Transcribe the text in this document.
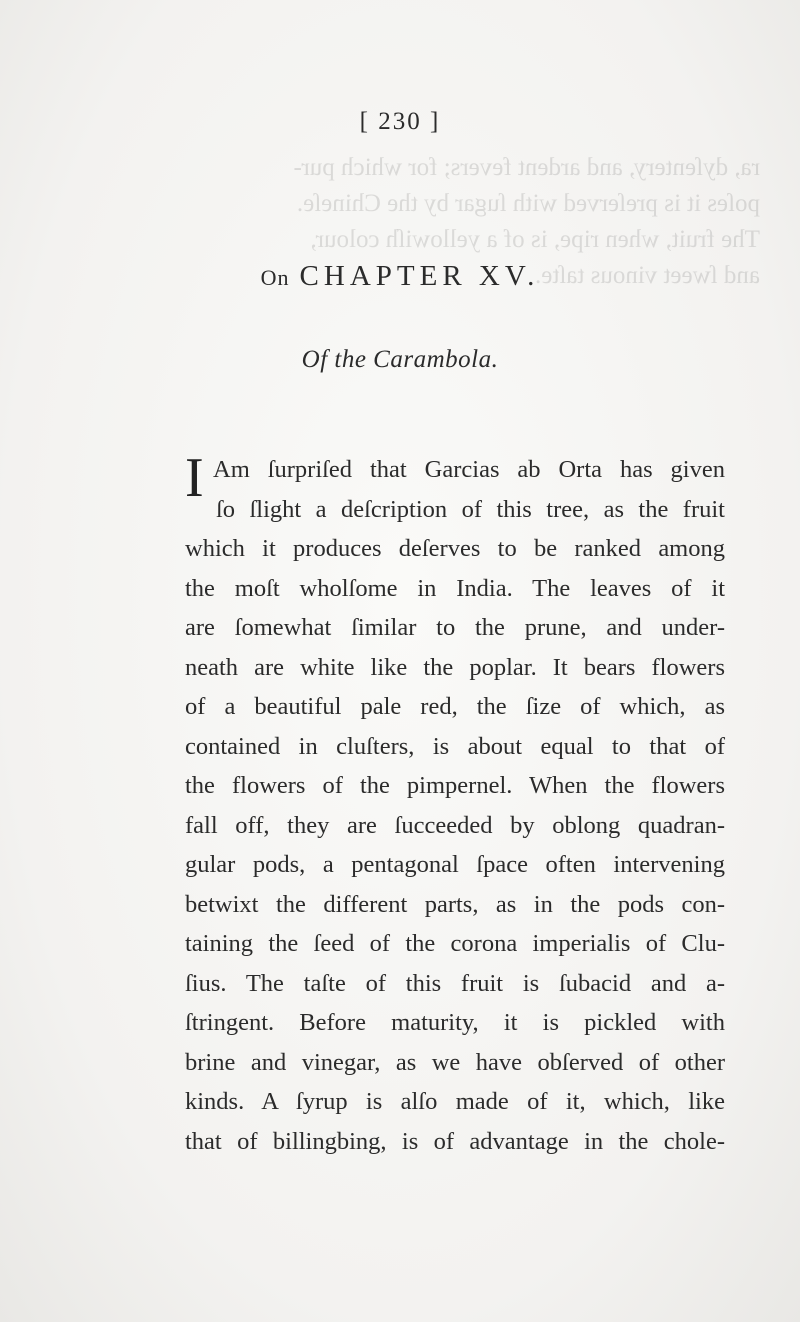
ra, dyſentery, and ardent fevers; for which pur-
poſes it is preſerved with ſugar by the Chineſe.
The fruit, when ripe, is of a yellowiſh colour,
and ſweet vinous taſte.
[ 230 ]
On CHAPTER XV.
Of the Carambola.
I Am ſurpriſed that Garcias ab Orta has given
ſo ſlight a deſcription of this tree, as the fruit
which it produces deſerves to be ranked among
the moſt wholſome in India. The leaves of it
are ſomewhat ſimilar to the prune, and under-
neath are white like the poplar. It bears flowers
of a beautiful pale red, the ſize of which, as
contained in cluſters, is about equal to that of
the flowers of the pimpernel. When the flowers
fall off, they are ſucceeded by oblong quadran-
gular pods, a pentagonal ſpace often intervening
betwixt the different parts, as in the pods con-
taining the ſeed of the corona imperialis of Clu-
ſius. The taſte of this fruit is ſubacid and a-
ſtringent. Before maturity, it is pickled with
brine and vinegar, as we have obſerved of other
kinds. A ſyrup is alſo made of it, which, like
that of billingbing, is of advantage in the chole-
